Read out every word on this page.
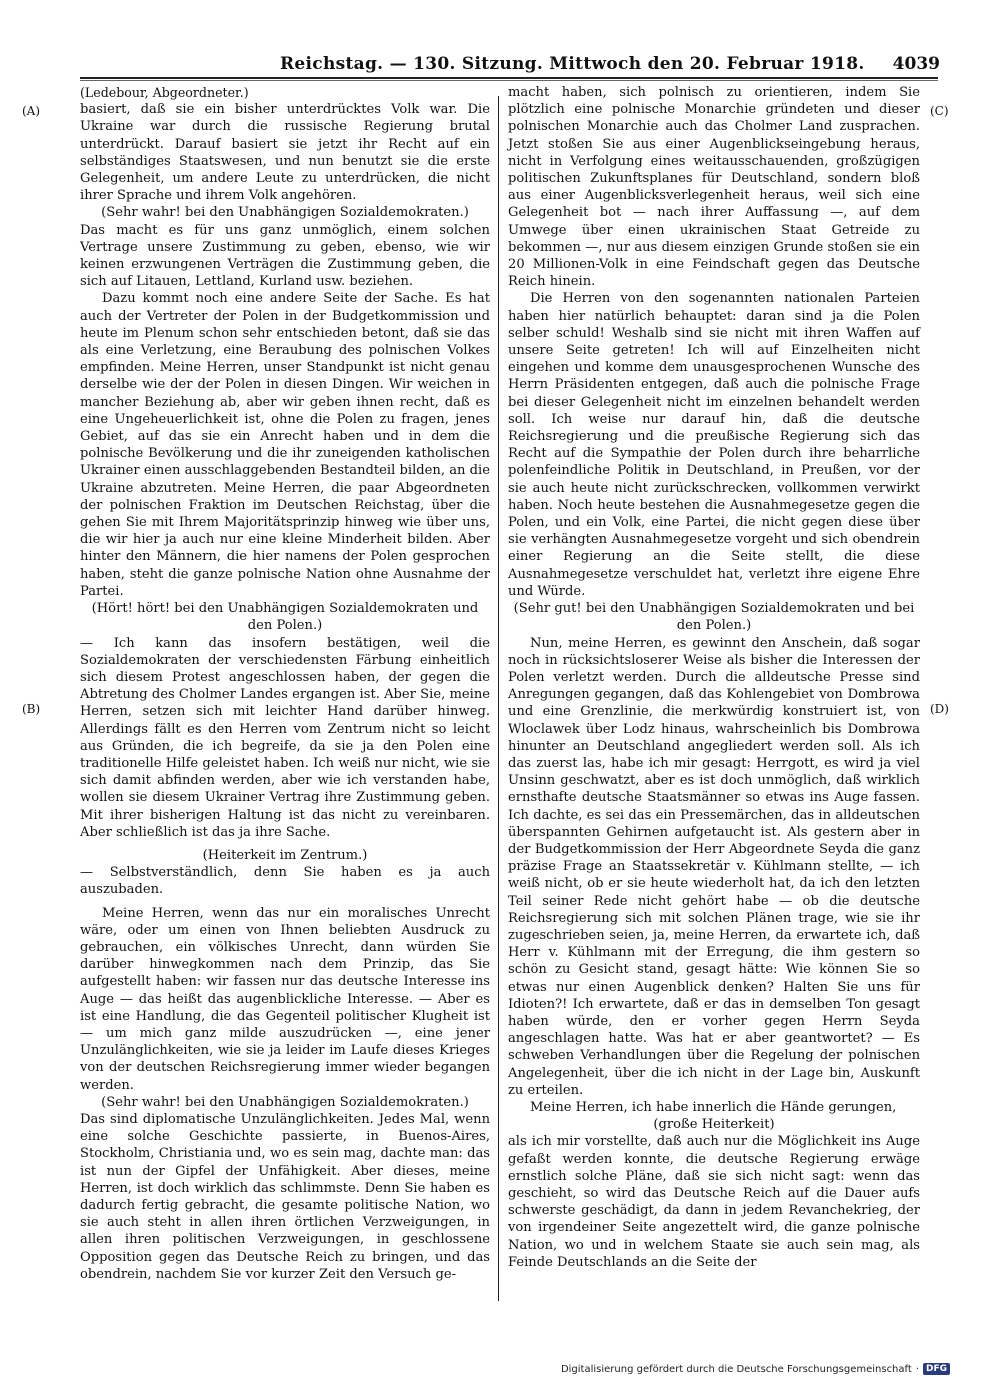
Reichstag. — 130. Sitzung. Mittwoch den 20. Februar 1918. 4039
(A)
(B)
(C)
(D)

(Ledebour, Abgeordneter.)

basiert, daß sie ein bisher unterdrücktes Volk war. Die Ukraine war durch die russische Regierung brutal unterdrückt. Darauf basiert sie jetzt ihr Recht auf ein selbständiges Staatswesen, und nun benutzt sie die erste Gelegenheit, um andere Leute zu unterdrücken, die nicht ihrer Sprache und ihrem Volk angehören.

(Sehr wahr! bei den Unabhängigen Sozialdemokraten.)

Das macht es für uns ganz unmöglich, einem solchen Vertrage unsere Zustimmung zu geben, ebenso, wie wir keinen erzwungenen Verträgen die Zustimmung geben, die sich auf Litauen, Lettland, Kurland usw. beziehen.

Dazu kommt noch eine andere Seite der Sache. Es hat auch der Vertreter der Polen in der Budgetkommission und heute im Plenum schon sehr entschieden betont, daß sie das als eine Verletzung, eine Beraubung des polnischen Volkes empfinden. Meine Herren, unser Standpunkt ist nicht genau derselbe wie der der Polen in diesen Dingen. Wir weichen in mancher Beziehung ab, aber wir geben ihnen recht, daß es eine Ungeheuerlichkeit ist, ohne die Polen zu fragen, jenes Gebiet, auf das sie ein Anrecht haben und in dem die polnische Bevölkerung und die ihr zuneigenden katholischen Ukrainer einen ausschlaggebenden Bestandteil bilden, an die Ukraine abzutreten. Meine Herren, die paar Abgeordneten der polnischen Fraktion im Deutschen Reichstag, über die gehen Sie mit Ihrem Majoritätsprinzip hinweg wie über uns, die wir hier ja auch nur eine kleine Minderheit bilden. Aber hinter den Männern, die hier namens der Polen gesprochen haben, steht die ganze polnische Nation ohne Ausnahme der Partei.

(Hört! hört! bei den Unabhängigen Sozialdemokraten und den Polen.)

— Ich kann das insofern bestätigen, weil die Sozialdemokraten der verschiedensten Färbung einheitlich sich diesem Protest angeschlossen haben, der gegen die Abtretung des Cholmer Landes ergangen ist. Aber Sie, meine Herren, setzen sich mit leichter Hand darüber hinweg. Allerdings fällt es den Herren vom Zentrum nicht so leicht aus Gründen, die ich begreife, da sie ja den Polen eine traditionelle Hilfe geleistet haben. Ich weiß nur nicht, wie sie sich damit abfinden werden, aber wie ich verstanden habe, wollen sie diesem Ukrainer Vertrag ihre Zustimmung geben. Mit ihrer bisherigen Haltung ist das nicht zu vereinbaren. Aber schließlich ist das ja ihre Sache.

(Heiterkeit im Zentrum.)

— Selbstverständlich, denn Sie haben es ja auch auszubaden.

Meine Herren, wenn das nur ein moralisches Unrecht wäre, oder um einen von Ihnen beliebten Ausdruck zu gebrauchen, ein völkisches Unrecht, dann würden Sie darüber hinwegkommen nach dem Prinzip, das Sie aufgestellt haben: wir fassen nur das deutsche Interesse ins Auge — das heißt das augenblickliche Interesse. — Aber es ist eine Handlung, die das Gegenteil politischer Klugheit ist — um mich ganz milde auszudrücken —, eine jener Unzulänglichkeiten, wie sie ja leider im Laufe dieses Krieges von der deutschen Reichsregierung immer wieder begangen werden.

(Sehr wahr! bei den Unabhängigen Sozialdemokraten.)

Das sind diplomatische Unzulänglichkeiten. Jedes Mal, wenn eine solche Geschichte passierte, in Buenos-Aires, Stockholm, Christiania und, wo es sein mag, dachte man: das ist nun der Gipfel der Unfähigkeit. Aber dieses, meine Herren, ist doch wirklich das schlimmste. Denn Sie haben es dadurch fertig gebracht, die gesamte politische Nation, wo sie auch steht in allen ihren örtlichen Verzweigungen, in allen ihren politischen Verzweigungen, in geschlossene Opposition gegen das Deutsche Reich zu bringen, und das obendrein, nachdem Sie vor kurzer Zeit den Versuch ge-

macht haben, sich polnisch zu orientieren, indem Sie plötzlich eine polnische Monarchie gründeten und dieser polnischen Monarchie auch das Cholmer Land zusprachen. Jetzt stoßen Sie aus einer Augenblickseingebung heraus, nicht in Verfolgung eines weitausschauenden, großzügigen politischen Zukunftsplanes für Deutschland, sondern bloß aus einer Augenblicksverlegenheit heraus, weil sich eine Gelegenheit bot — nach ihrer Auffassung —, auf dem Umwege über einen ukrainischen Staat Getreide zu bekommen —, nur aus diesem einzigen Grunde stoßen sie ein 20 Millionen-Volk in eine Feindschaft gegen das Deutsche Reich hinein.

Die Herren von den sogenannten nationalen Parteien haben hier natürlich behauptet: daran sind ja die Polen selber schuld! Weshalb sind sie nicht mit ihren Waffen auf unsere Seite getreten! Ich will auf Einzelheiten nicht eingehen und komme dem unausgesprochenen Wunsche des Herrn Präsidenten entgegen, daß auch die polnische Frage bei dieser Gelegenheit nicht im einzelnen behandelt werden soll. Ich weise nur darauf hin, daß die deutsche Reichsregierung und die preußische Regierung sich das Recht auf die Sympathie der Polen durch ihre beharrliche polenfeindliche Politik in Deutschland, in Preußen, vor der sie auch heute nicht zurückschrecken, vollkommen verwirkt haben. Noch heute bestehen die Ausnahmegesetze gegen die Polen, und ein Volk, eine Partei, die nicht gegen diese über sie verhängten Ausnahmegesetze vorgeht und sich obendrein einer Regierung an die Seite stellt, die diese Ausnahmegesetze verschuldet hat, verletzt ihre eigene Ehre und Würde.

(Sehr gut! bei den Unabhängigen Sozialdemokraten und bei den Polen.)

Nun, meine Herren, es gewinnt den Anschein, daß sogar noch in rücksichtsloserer Weise als bisher die Interessen der Polen verletzt werden. Durch die alldeutsche Presse sind Anregungen gegangen, daß das Kohlengebiet von Dombrowa und eine Grenzlinie, die merkwürdig konstruiert ist, von Wloclawek über Lodz hinaus, wahrscheinlich bis Dombrowa hinunter an Deutschland angegliedert werden soll. Als ich das zuerst las, habe ich mir gesagt: Herrgott, es wird ja viel Unsinn geschwatzt, aber es ist doch unmöglich, daß wirklich ernsthafte deutsche Staatsmänner so etwas ins Auge fassen. Ich dachte, es sei das ein Pressemärchen, das in alldeutschen überspannten Gehirnen aufgetaucht ist. Als gestern aber in der Budgetkommission der Herr Abgeordnete Seyda die ganz präzise Frage an Staatssekretär v. Kühlmann stellte, — ich weiß nicht, ob er sie heute wiederholt hat, da ich den letzten Teil seiner Rede nicht gehört habe — ob die deutsche Reichsregierung sich mit solchen Plänen trage, wie sie ihr zugeschrieben seien, ja, meine Herren, da erwartete ich, daß Herr v. Kühlmann mit der Erregung, die ihm gestern so schön zu Gesicht stand, gesagt hätte: Wie können Sie so etwas nur einen Augenblick denken? Halten Sie uns für Idioten?! Ich erwartete, daß er das in demselben Ton gesagt haben würde, den er vorher gegen Herrn Seyda angeschlagen hatte. Was hat er aber geantwortet? — Es schweben Verhandlungen über die Regelung der polnischen Angelegenheit, über die ich nicht in der Lage bin, Auskunft zu erteilen.

Meine Herren, ich habe innerlich die Hände gerungen,

(große Heiterkeit)

als ich mir vorstellte, daß auch nur die Möglichkeit ins Auge gefaßt werden konnte, die deutsche Regierung erwäge ernstlich solche Pläne, daß sie sich nicht sagt: wenn das geschieht, so wird das Deutsche Reich auf die Dauer aufs schwerste geschädigt, da dann in jedem Revanchekrieg, der von irgendeiner Seite angezettelt wird, die ganze polnische Nation, wo und in welchem Staate sie auch sein mag, als Feinde Deutschlands an die Seite der

Digitalisierung gefördert durch die Deutsche Forschungsgemeinschaft · DFG
